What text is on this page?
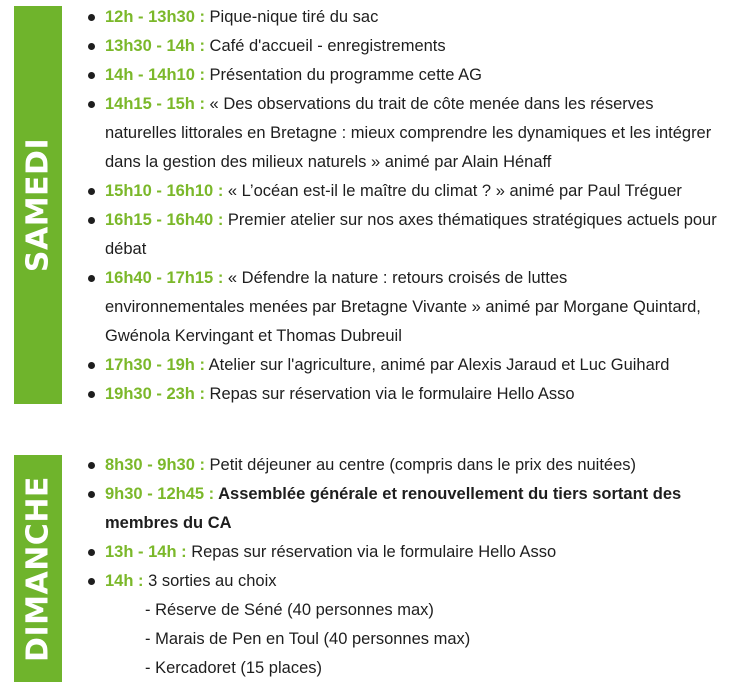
SAMEDI
12h - 13h30 : Pique-nique tiré du sac
13h30 - 14h : Café d'accueil - enregistrements
14h - 14h10 : Présentation du programme cette AG
14h15 - 15h : « Des observations du trait de côte menée dans les réserves naturelles littorales en Bretagne : mieux comprendre les dynamiques et les intégrer dans la gestion des milieux naturels » animé par Alain Hénaff
15h10 - 16h10 : « L’océan est-il le maître du climat ? » animé par Paul Tréguer
16h15 - 16h40 : Premier atelier sur nos axes thématiques stratégiques actuels pour débat
16h40 - 17h15 : « Défendre la nature : retours croisés de luttes environnementales menées par Bretagne Vivante » animé par Morgane Quintard, Gwénola Kervingant et Thomas Dubreuil
17h30 - 19h : Atelier sur l'agriculture, animé par Alexis Jaraud et Luc Guihard
19h30 - 23h : Repas sur réservation via le formulaire Hello Asso
DIMANCHE
8h30 - 9h30 : Petit déjeuner au centre (compris dans le prix des nuitées)
9h30 - 12h45 : Assemblée générale et renouvellement du tiers sortant des membres du CA
13h - 14h : Repas sur réservation via le formulaire Hello Asso
14h : 3 sorties au choix
- Réserve de Séné (40 personnes max)
- Marais de Pen en Toul (40 personnes max)
- Kercadoret (15 places)
